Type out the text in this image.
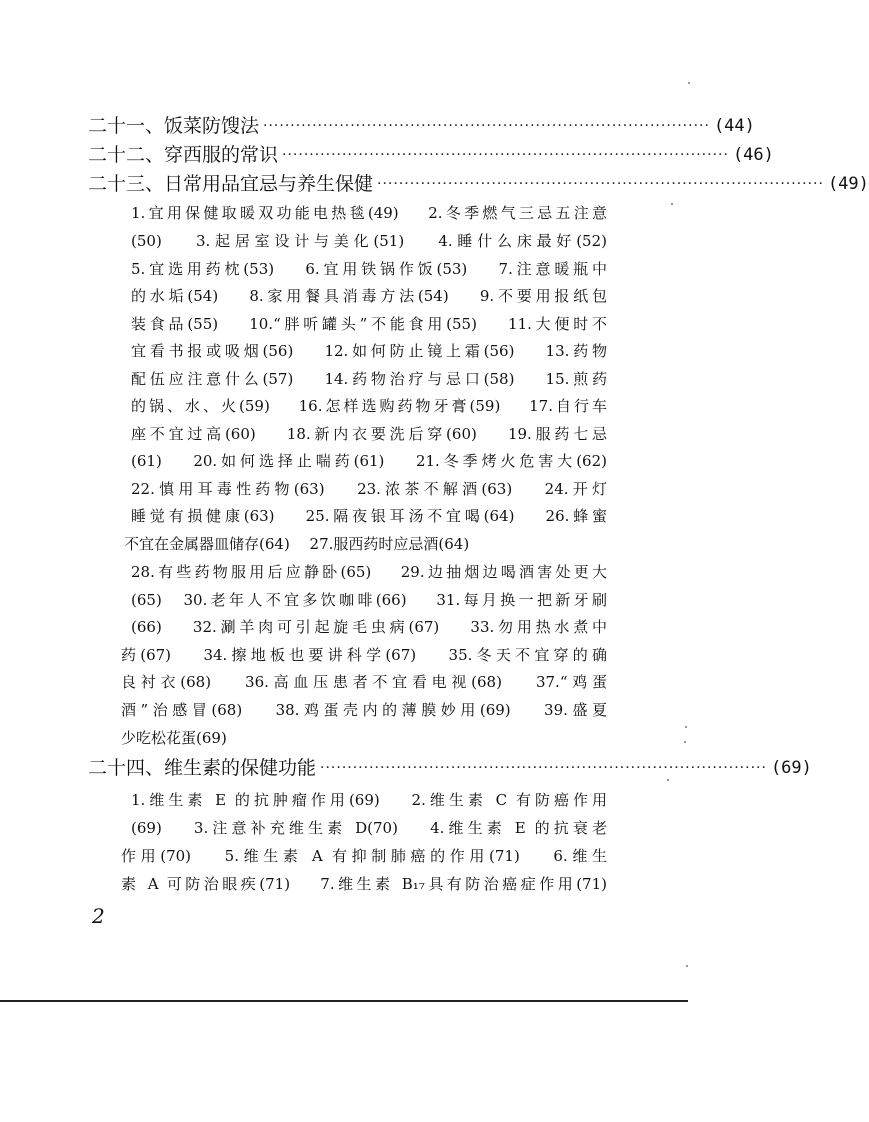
二十一、饭菜防馊法 ·················································································· (44)
二十二、穿西服的常识 ·················································································· (46)
二十三、日常用品宜忌与养生保健 ·················································································· (49)
1.宜用保健取暖双功能电热毯(49)　 2.冬季燃气三忌五注意
(50)　 3.起居室设计与美化(51)　 4.睡什么床最好(52)
5.宜选用药枕(53)　 6.宜用铁锅作饭(53)　 7.注意暖瓶中
的水垢(54)　 8.家用餐具消毒方法(54)　 9.不要用报纸包
装食品(55)　 10.“胖听罐头”不能食用(55)　 11.大便时不
宜看书报或吸烟(56)　 12.如何防止镜上霜(56)　 13.药物
配伍应注意什么(57)　 14.药物治疗与忌口(58)　 15.煎药
的锅、水、火(59)　 16.怎样选购药物牙膏(59)　 17.自行车
座不宜过高(60)　 18.新内衣要洗后穿(60)　 19.服药七忌
(61)　 20.如何选择止喘药(61)　 21.冬季烤火危害大(62)
22.慎用耳毒性药物(63)　 23.浓茶不解酒(63)　 24.开灯
睡觉有损健康(63)　 25.隔夜银耳汤不宜喝(64)　 26.蜂蜜
不宜在金属器皿储存(64)　 27.服西药时应忌酒(64)
28.有些药物服用后应静卧(65)　 29.边抽烟边喝酒害处更大
(65)　30.老年人不宜多饮咖啡(66)　 31.每月换一把新牙刷
(66)　 32.涮羊肉可引起旋毛虫病(67)　 33.勿用热水煮中
药(67)　 34.擦地板也要讲科学(67)　 35.冬天不宜穿的确
良衬衣(68)　 36.高血压患者不宜看电视(68)　 37.“鸡蛋
酒”治感冒(68)　 38.鸡蛋壳内的薄膜妙用(69)　 39.盛夏
少吃松花蛋(69)
二十四、维生素的保健功能 ·················································································· (69)
1.维生素 E 的抗肿瘤作用(69)　 2.维生素 C 有防癌作用
(69)　 3.注意补充维生素 D(70)　 4.维生素 E 的抗衰老
作用(70)　 5.维生素 A 有抑制肺癌的作用(71)　 6.维生
素 A 可防治眼疾(71)　 7.维生素 B₁₇具有防治癌症作用(71)
2
